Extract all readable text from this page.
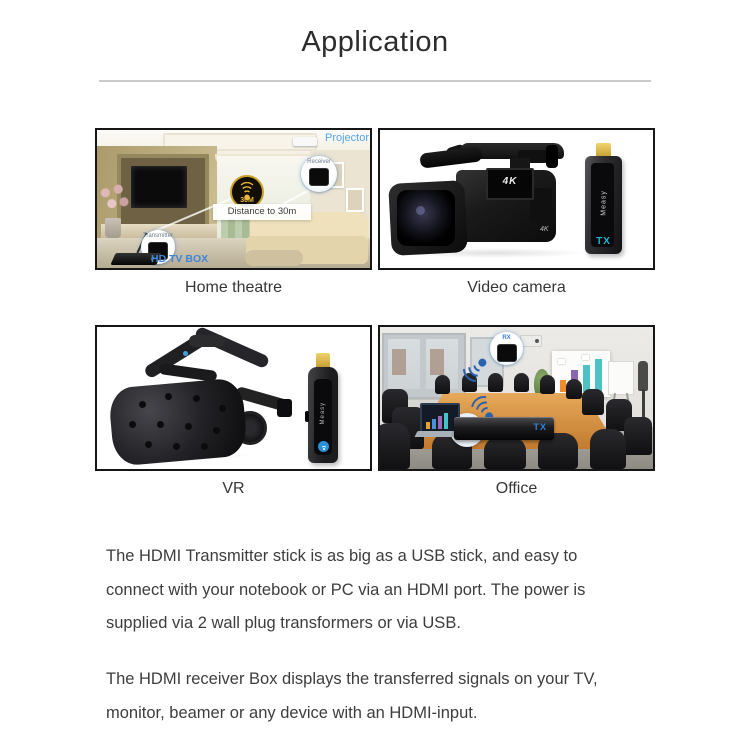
Application
Projector
Receiver
30M
Distance to 30m
Transmitter
HD TV BOX
Home theatre
4K
4K
Measy
TX
Video camera
Measy
VR
TX
RX
Office
The HDMI Transmitter stick is as big as a USB stick, and easy to
connect with your notebook or PC via an HDMI port. The power is
supplied via 2 wall plug transformers or via USB.
The HDMI receiver Box displays the transferred signals on your TV,
monitor, beamer or any device with an HDMI-input.
